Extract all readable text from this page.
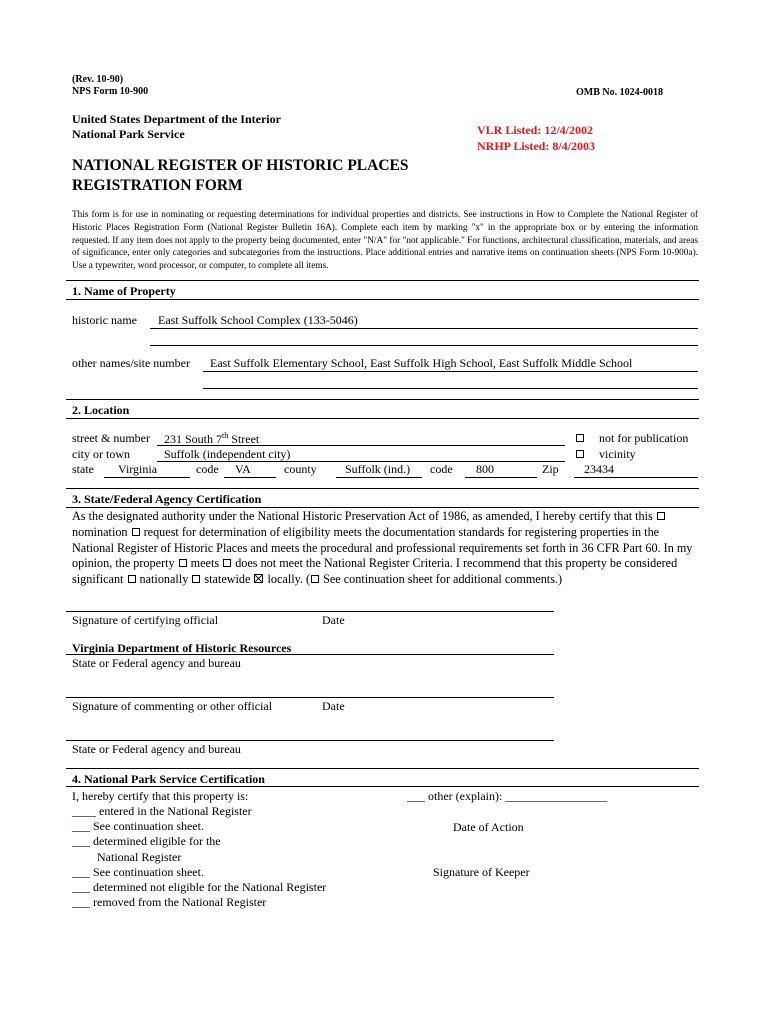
(Rev. 10-90)
NPS Form 10-900	OMB No. 1024-0018
United States Department of the Interior
National Park Service	VLR Listed: 12/4/2002
NRHP Listed: 8/4/2003
NATIONAL REGISTER OF HISTORIC PLACES
REGISTRATION FORM
This form is for use in nominating or requesting determinations for individual properties and districts. See instructions in How to Complete the National Register of Historic Places Registration Form (National Register Bulletin 16A). Complete each item by marking "x" in the appropriate box or by entering the information requested. If any item does not apply to the property being documented, enter "N/A" for "not applicable." For functions, architectural classification, materials, and areas of significance, enter only categories and subcategories from the instructions. Place additional entries and narrative items on continuation sheets (NPS Form 10-900a). Use a typewriter, word processor, or computer, to complete all items.
1. Name of Property
historic name East Suffolk School Complex (133-5046)
other names/site number East Suffolk Elementary School, East Suffolk High School, East Suffolk Middle School
2. Location
street & number 231 South 7th Street	not for publication
city or town	Suffolk (independent city)	vicinity
state Virginia	code VA	county Suffolk (ind.) code 800	Zip 23434
3. State/Federal Agency Certification
As the designated authority under the National Historic Preservation Act of 1986, as amended, I hereby certify that this
nomination request for determination of eligibility meets the documentation standards for registering properties in the
National Register of Historic Places and meets the procedural and professional requirements set forth in 36 CFR Part 60. In my
opinion, the property meets does not meet the National Register Criteria. I recommend that this property be considered
significant nationally statewide locally. ( See continuation sheet for additional comments.)
Signature of certifying official	Date
Virginia Department of Historic Resources
State or Federal agency and bureau
Signature of commenting or other official	Date
State or Federal agency and bureau
4. National Park Service Certification
I, hereby certify that this property is:
____ entered in the National Register
___ See continuation sheet.
___ determined eligible for the
National Register
___ See continuation sheet.
___ determined not eligible for the National Register
___ removed from the National Register
___ other (explain): _________________
Date of Action
Signature of Keeper
